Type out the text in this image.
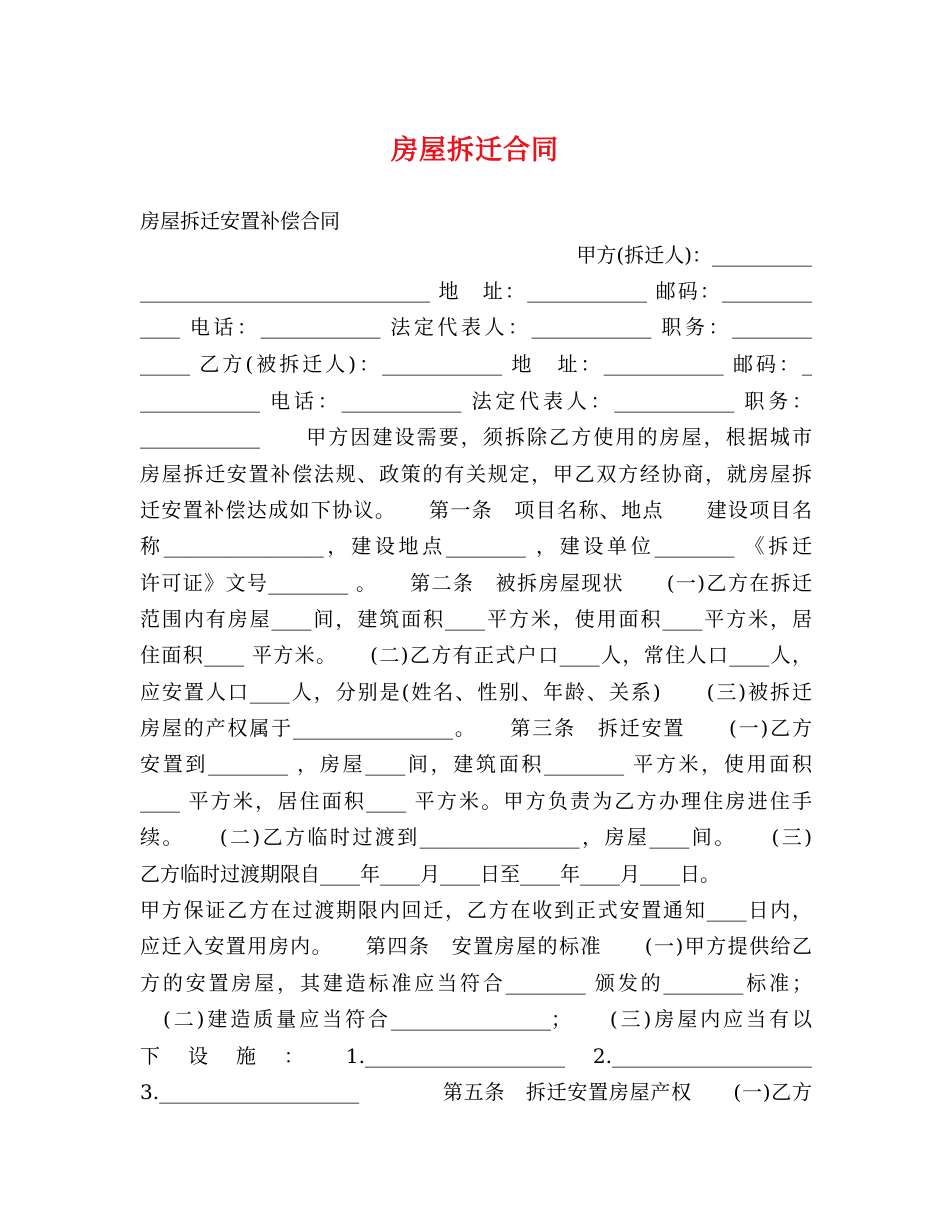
房屋拆迁合同
房屋拆迁安置补偿合同
甲方(拆迁人)：__________
_____________________________ 地　址：____________ 邮码：_________
____ 电话：____________ 法定代表人：____________ 职务：________
_____ 乙方(被拆迁人)：____________ 地　址：____________ 邮码：_
____________ 电话：____________ 法定代表人：____________ 职务：
____________　　甲方因建设需要，须拆除乙方使用的房屋，根据城市
房屋拆迁安置补偿法规、政策的有关规定，甲乙双方经协商，就房屋拆
迁安置补偿达成如下协议。　　第一条　项目名称、地点　　建设项目名
称________________，建设地点________ ，建设单位________ 《拆迁
许可证》文号________ 。　　第二条　被拆房屋现状　　(一)乙方在拆迁
范围内有房屋____间，建筑面积____平方米，使用面积____平方米，居
住面积____ 平方米。　　(二)乙方有正式户口____人，常住人口____人，
应安置人口____人，分别是(姓名、性别、年龄、关系)　　(三)被拆迁
房屋的产权属于________________。　　第三条　拆迁安置　　(一)乙方
安置到________ ，房屋____间，建筑面积________ 平方米，使用面积
____ 平方米，居住面积____ 平方米。甲方负责为乙方办理住房进住手
续。　　(二)乙方临时过渡到________________，房屋____间。　　(三)
乙方临时过渡期限自____年____月____日至____年____月____日。
甲方保证乙方在过渡期限内回迁，乙方在收到正式安置通知____日内，
应迁入安置用房内。　　第四条　安置房屋的标准　　(一)甲方提供给乙
方的安置房屋，其建造标准应当符合________ 颁发的________标准；
　(二)建造质量应当符合________________；　　(三)房屋内应当有以
下　设　施　：　　1.____________________　2.____________________
3.____________________　　　　第五条　拆迁安置房屋产权　　(一)乙方
